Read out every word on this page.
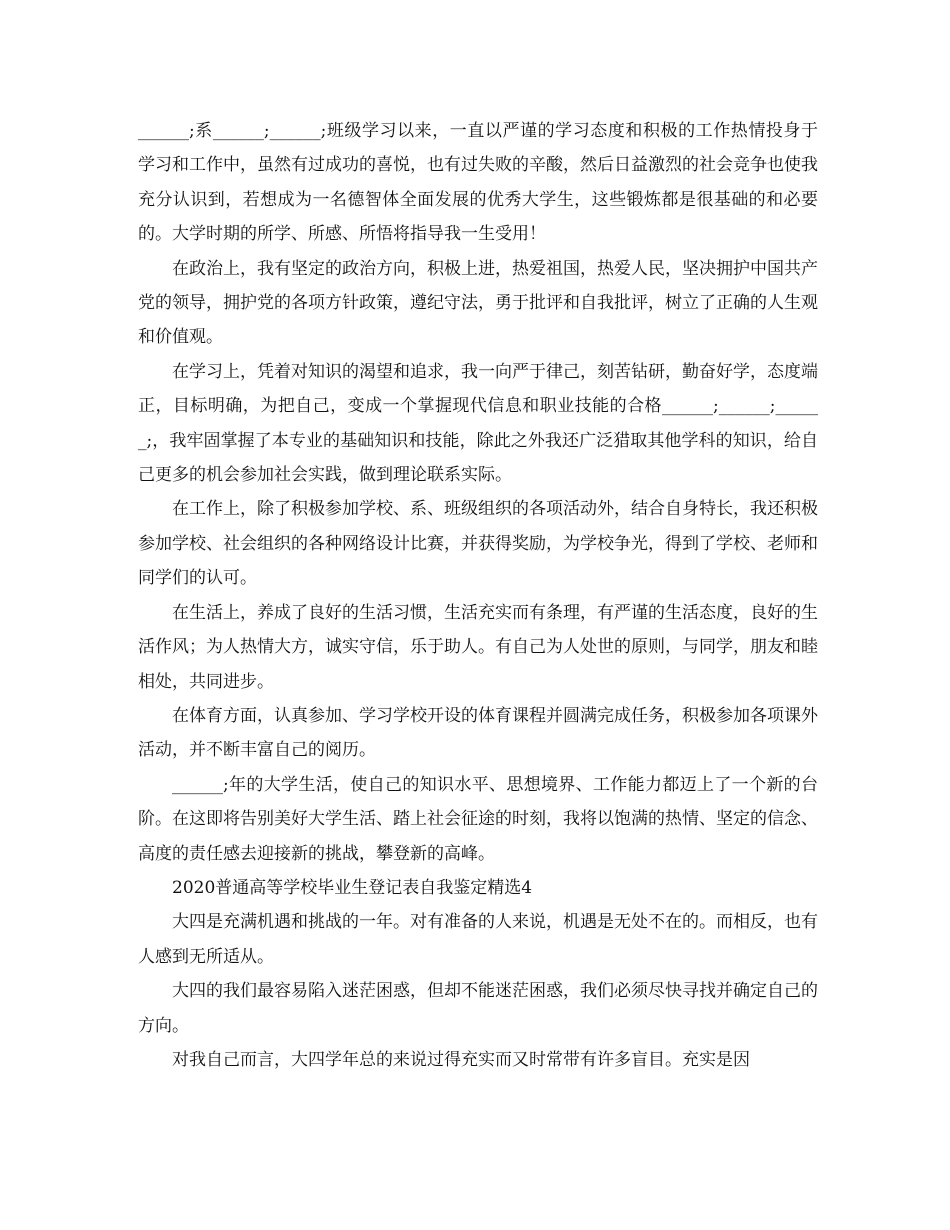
______;系______;______;班级学习以来，一直以严谨的学习态度和积极的工作热情投身于学习和工作中，虽然有过成功的喜悦，也有过失败的辛酸，然后日益激烈的社会竞争也使我充分认识到，若想成为一名德智体全面发展的优秀大学生，这些锻炼都是很基础的和必要的。大学时期的所学、所感、所悟将指导我一生受用！

在政治上，我有坚定的政治方向，积极上进，热爱祖国，热爱人民，坚决拥护中国共产党的领导，拥护党的各项方针政策，遵纪守法，勇于批评和自我批评，树立了正确的人生观和价值观。

在学习上，凭着对知识的渴望和追求，我一向严于律己，刻苦钻研，勤奋好学，态度端正，目标明确，为把自己，变成一个掌握现代信息和职业技能的合格______;______;______;，我牢固掌握了本专业的基础知识和技能，除此之外我还广泛猎取其他学科的知识，给自己更多的机会参加社会实践，做到理论联系实际。

在工作上，除了积极参加学校、系、班级组织的各项活动外，结合自身特长，我还积极参加学校、社会组织的各种网络设计比赛，并获得奖励，为学校争光，得到了学校、老师和同学们的认可。

在生活上，养成了良好的生活习惯，生活充实而有条理，有严谨的生活态度，良好的生活作风；为人热情大方，诚实守信，乐于助人。有自己为人处世的原则，与同学，朋友和睦相处，共同进步。

在体育方面，认真参加、学习学校开设的体育课程并圆满完成任务，积极参加各项课外活动，并不断丰富自己的阅历。

______;年的大学生活，使自己的知识水平、思想境界、工作能力都迈上了一个新的台阶。在这即将告别美好大学生活、踏上社会征途的时刻，我将以饱满的热情、坚定的信念、高度的责任感去迎接新的挑战，攀登新的高峰。

2020普通高等学校毕业生登记表自我鉴定精选4

大四是充满机遇和挑战的一年。对有准备的人来说，机遇是无处不在的。而相反，也有人感到无所适从。

大四的我们最容易陷入迷茫困惑，但却不能迷茫困惑，我们必须尽快寻找并确定自己的方向。

对我自己而言，大四学年总的来说过得充实而又时常带有许多盲目。充实是因
